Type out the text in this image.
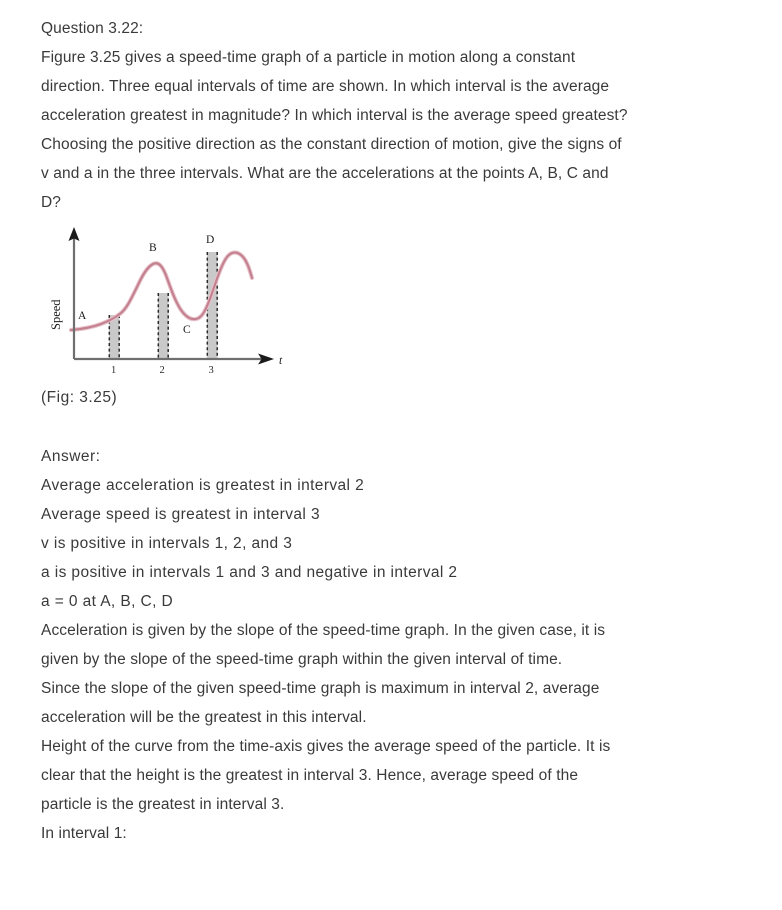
Question 3.22:
Figure 3.25 gives a speed-time graph of a particle in motion along a constant
direction. Three equal intervals of time are shown. In which interval is the average
acceleration greatest in magnitude? In which interval is the average speed greatest?
Choosing the positive direction as the constant direction of motion, give the signs of
v and a in the three intervals. What are the accelerations at the points A, B, C and
D?
Speed
t
1	2	3
A
B
C
D
(Fig: 3.25)
Answer:
Average acceleration is greatest in interval 2
Average speed is greatest in interval 3
v is positive in intervals 1, 2, and 3
a is positive in intervals 1 and 3 and negative in interval 2
a = 0 at A, B, C, D
Acceleration is given by the slope of the speed-time graph. In the given case, it is
given by the slope of the speed-time graph within the given interval of time.
Since the slope of the given speed-time graph is maximum in interval 2, average
acceleration will be the greatest in this interval.
Height of the curve from the time-axis gives the average speed of the particle. It is
clear that the height is the greatest in interval 3. Hence, average speed of the
particle is the greatest in interval 3.
In interval 1:
